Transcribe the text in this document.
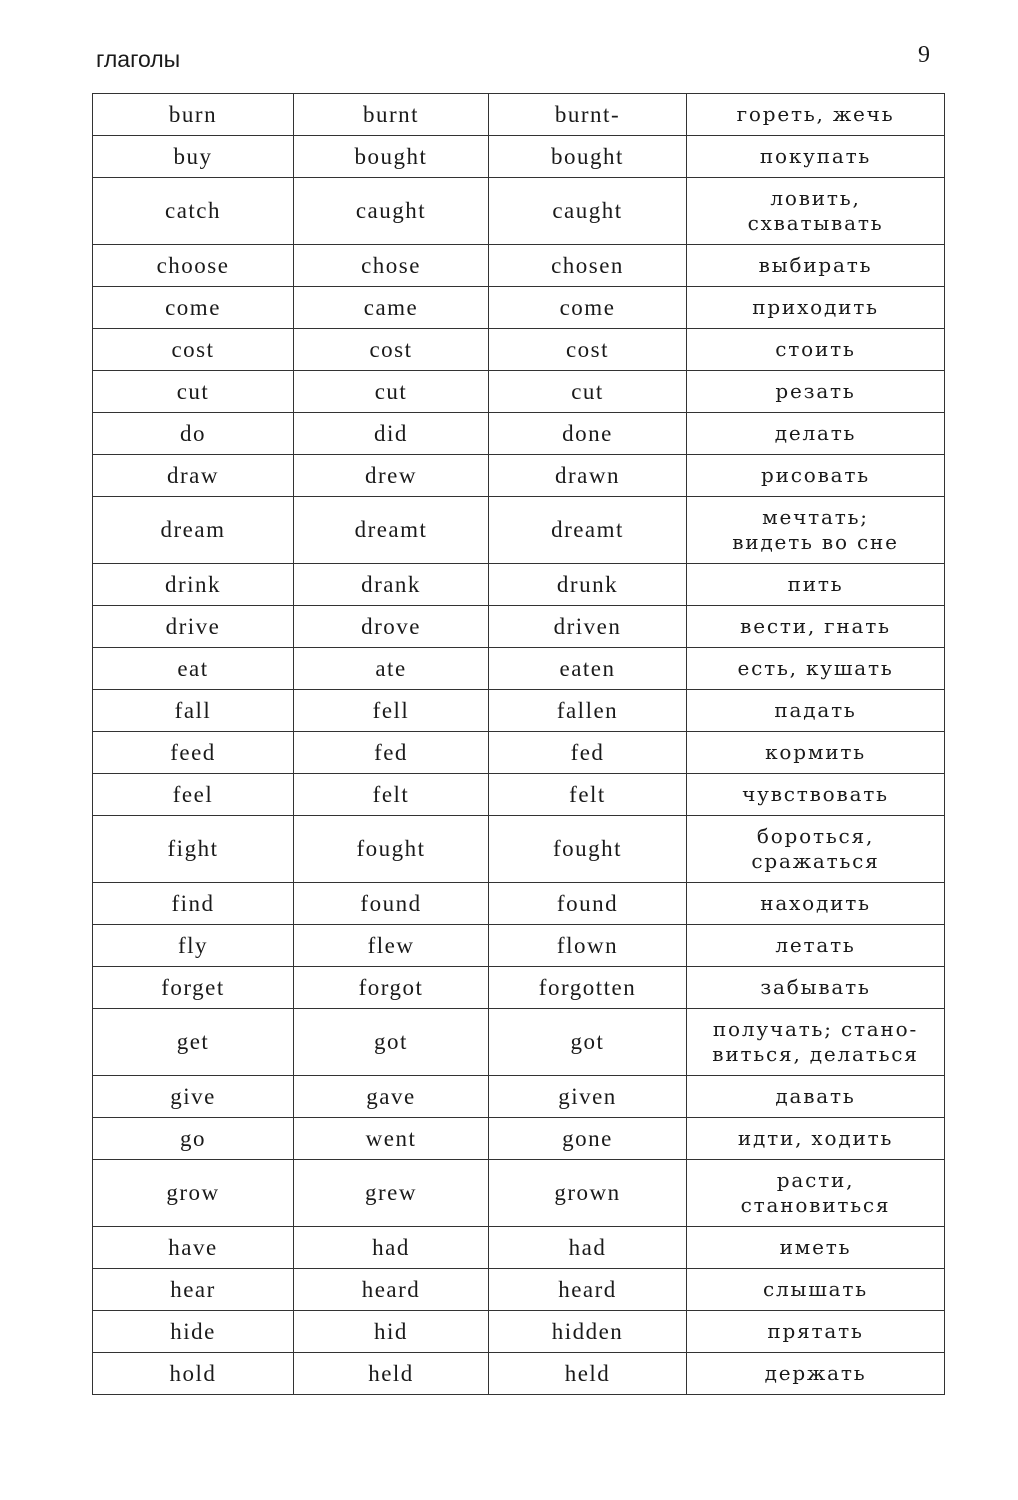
глаголы	9
burn	burnt	burnt-	гореть, жечь
buy	bought	bought	покупать
catch	caught	caught	ловить,
схватывать
choose	chose	chosen	выбирать
come	came	come	приходить
cost	cost	cost	стоить
cut	cut	cut	резать
do	did	done	делать
draw	drew	drawn	рисовать
dream	dreamt	dreamt	мечтать;
видеть во сне
drink	drank	drunk	пить
drive	drove	driven	вести, гнать
eat	ate	eaten	есть, кушать
fall	fell	fallen	падать
feed	fed	fed	кормить
feel	felt	felt	чувствовать
fight	fought	fought	бороться,
сражаться
find	found	found	находить
fly	flew	flown	летать
forget	forgot	forgotten	забывать
get	got	got	получать; стано-
виться, делаться
give	gave	given	давать
go	went	gone	идти, ходить
grow	grew	grown	расти,
становиться
have	had	had	иметь
hear	heard	heard	слышать
hide	hid	hidden	прятать
hold	held	held	держать
